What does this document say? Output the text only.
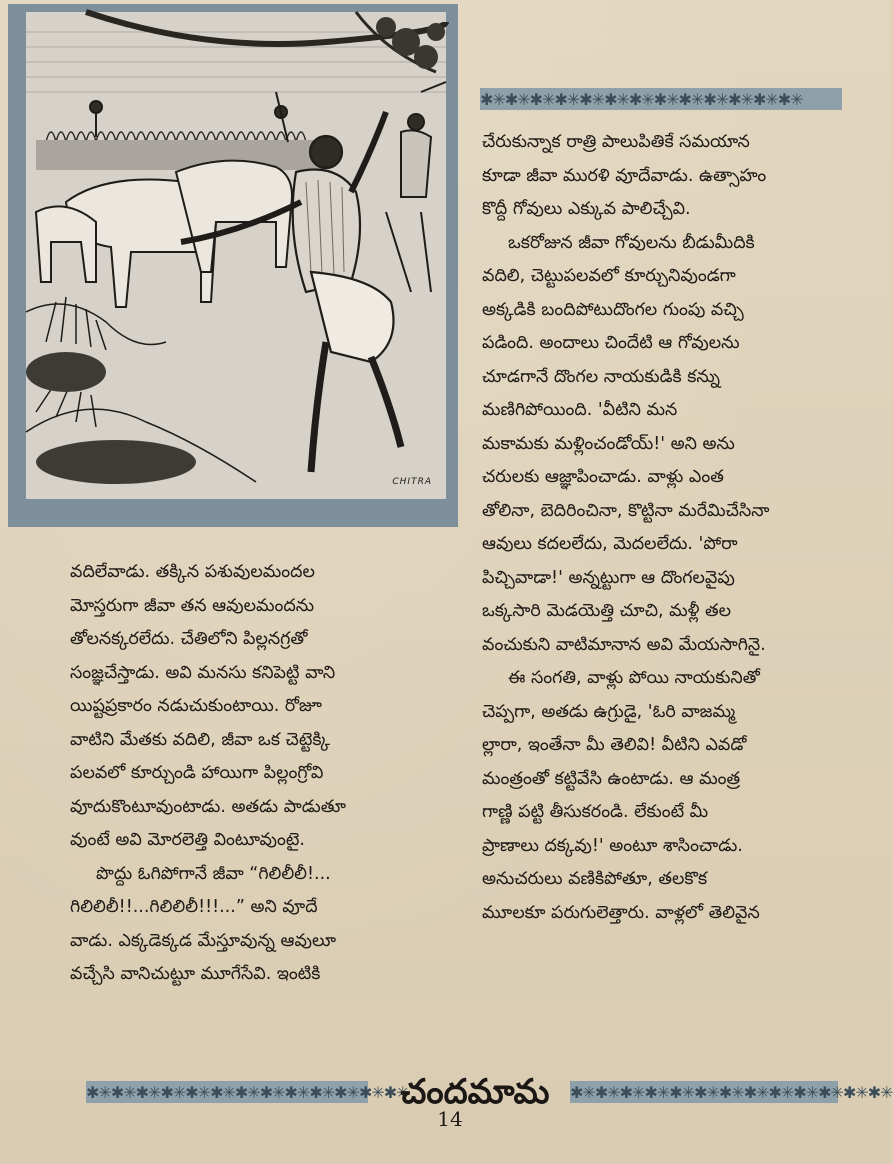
CHITRA
✱✳✱✳✱✳✱✳✱✳✱✳✱✳✱✳✱✳✱✳✱✳✱✳✱✳

చేరుకున్నాక రాత్రి పాలుపితికే సమయాన

కూడా జీవా మురళి వూదేవాడు. ఉత్సాహం

కొద్దీ గోవులు ఎక్కువ పాలిచ్చేవి.

ఒకరోజున జీవా గోవులను బీడుమీదికి

వదిలి, చెట్టుపలవలో కూర్చునివుండగా

అక్కడికి బందిపోటుదొంగల గుంపు వచ్చి

పడింది. అందాలు చిందేటి ఆ గోవులను

చూడగానే దొంగల నాయకుడికి కన్ను

మణిగిపోయింది. 'వీటిని మన

మకామకు మళ్లించండోయ్!' అని అను

చరులకు ఆజ్ఞాపించాడు. వాళ్లు ఎంత

తోలినా, బెదిరించినా, కొట్టినా మరేమిచేసినా

ఆవులు కదలలేదు, మెదలలేదు. 'పోరా

పిచ్చివాడా!' అన్నట్టుగా ఆ దొంగలవైపు

ఒక్కసారి మెడయెత్తి చూచి, మళ్లీ తల

వంచుకుని వాటిమానాన అవి మేయసాగినై.

ఈ సంగతి, వాళ్లు పోయి నాయకునితో

చెప్పగా, అతడు ఉగ్రుడై, 'ఓరి వాజమ్మ

ల్లారా, ఇంతేనా మీ తెలివి! వీటిని ఎవడో

మంత్రంతో కట్టివేసి ఉంటాడు. ఆ మంత్ర

గాణ్ణి పట్టి తీసుకరండి. లేకుంటే మీ

ప్రాణాలు దక్కవు!' అంటూ శాసించాడు.

అనుచరులు వణికిపోతూ, తలకొక

మూలకూ పరుగులెత్తారు. వాళ్లలో తెలివైన

వదిలేవాడు. తక్కిన పశువులమందల

మోస్తరుగా జీవా తన ఆవులమందను

తోలనక్కరలేదు. చేతిలోని పిల్లనగ్రతో

సంజ్ఞచేస్తాడు. అవి మనసు కనిపెట్టి వాని

యిష్టప్రకారం నడుచుకుంటాయి. రోజూ

వాటిని మేతకు వదిలి, జీవా ఒక చెట్టెక్కి

పలవలో కూర్చుండి హాయిగా పిల్లంగ్రోవి

వూదుకొంటూవుంటాడు. అతడు పాడుతూ

వుంటే అవి మోరలెత్తి వింటూవుంటై.

పొద్దు ఓగిపోగానే జీవా “గిలిలీలీ!...

గిలిలిలీ!!...గిలిలిలీ!!!...” అని వూదే

వాడు. ఎక్కడెక్కడ మేస్తూవున్న ఆవులూ

వచ్చేసి వానిచుట్టూ మూగేసేవి. ఇంటికి

✱✳✱✳✱✳✱✳✱✳✱✳✱✳✱✳✱✳✱✳✱✳✱✳✱✳
చందమామ	✱✳✱✳✱✳✱✳✱✳✱✳✱✳✱✳✱✳✱✳✱✳✱✳✱✳
14
